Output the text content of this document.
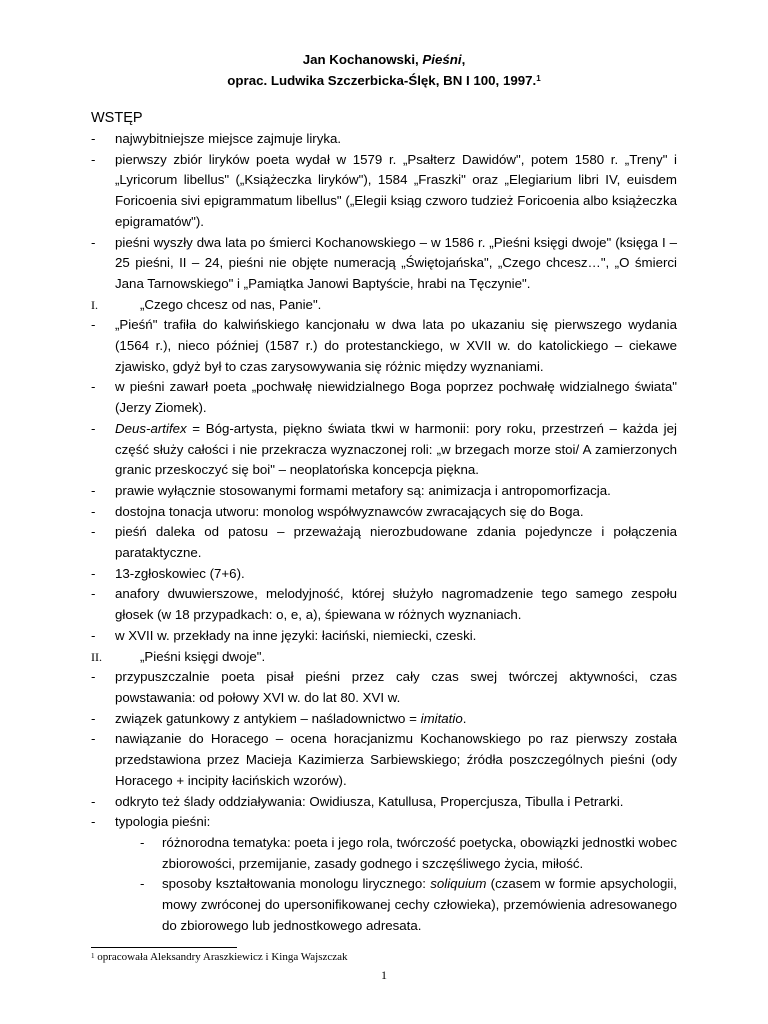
Jan Kochanowski, Pieśni,
oprac. Ludwika Szczerbicka-Ślęk, BN I 100, 1997.$^1$
WSTĘP
- najwybitniejsze miejsce zajmuje liryka.
- pierwszy zbiór liryków poeta wydał w 1579 r. „Psałterz Dawidów", potem 1580 r. „Treny" i „Lyricorum libellus" („Książeczka liryków"), 1584 „Fraszki" oraz „Elegiarium libri IV, euisdem Foricoenia sivi epigrammatum libellus" („Elegii ksiąg czworo tudzież Foricoenia albo książeczka epigramatów").
- pieśni wyszły dwa lata po śmierci Kochanowskiego – w 1586 r. „Pieśni księgi dwoje" (księga I – 25 pieśni, II – 24, pieśni nie objęte numeracją „Świętojańska", „Czego chcesz…", „O śmierci Jana Tarnowskiego" i „Pamiątka Janowi Baptyście, hrabi na Tęczynie".
I.	„Czego chcesz od nas, Panie".
- „Pieśń" trafiła do kalwińskiego kancjonału w dwa lata po ukazaniu się pierwszego wydania (1564 r.), nieco później (1587 r.) do protestanckiego, w XVII w. do katolickiego – ciekawe zjawisko, gdyż był to czas zarysowywania się różnic między wyznaniami.
- w pieśni zawarł poeta „pochwałę niewidzialnego Boga poprzez pochwałę widzialnego świata" (Jerzy Ziomek).
- Deus-artifex = Bóg-artysta, piękno świata tkwi w harmonii: pory roku, przestrzeń – każda jej część służy całości i nie przekracza wyznaczonej roli: „w brzegach morze stoi/ A zamierzonych granic przeskoczyć się boi" – neoplatońska koncepcja piękna.
- prawie wyłącznie stosowanymi formami metafory są: animizacja i antropomorfizacja.
- dostojna tonacja utworu: monolog współwyznawców zwracających się do Boga.
- pieśń daleka od patosu – przeważają nierozbudowane zdania pojedyncze i połączenia parataktyczne.
- 13-zgłoskowiec (7+6).
- anafory dwuwierszowe, melodyjność, której służyło nagromadzenie tego samego zespołu głosek (w 18 przypadkach: o, e, a), śpiewana w różnych wyznaniach.
- w XVII w. przekłady na inne języki: łaciński, niemiecki, czeski.
II.	„Pieśni księgi dwoje".
- przypuszczalnie poeta pisał pieśni przez cały czas swej twórczej aktywności, czas powstawania: od połowy XVI w. do lat 80. XVI w.
- związek gatunkowy z antykiem – naśladownictwo = imitatio.
- nawiązanie do Horacego – ocena horacjanizmu Kochanowskiego po raz pierwszy została przedstawiona przez Macieja Kazimierza Sarbiewskiego; źródła poszczególnych pieśni (ody Horacego + incipity łacińskich wzorów).
- odkryto też ślady oddziaływania: Owidiusza, Katullusa, Propercjusza, Tibulla i Petrarki.
- typologia pieśni:
- różnorodna tematyka: poeta i jego rola, twórczość poetycka, obowiązki jednostki wobec zbiorowości, przemijanie, zasady godnego i szczęśliwego życia, miłość.
- sposoby kształtowania monologu lirycznego: soliquium (czasem w formie apsychologii, mowy zwróconej do upersonifikowanej cechy człowieka), przemówienia adresowanego do zbiorowego lub jednostkowego adresata.
$^1$ opracowała Aleksandry Araszkiewicz i Kinga Wajszczak
1
